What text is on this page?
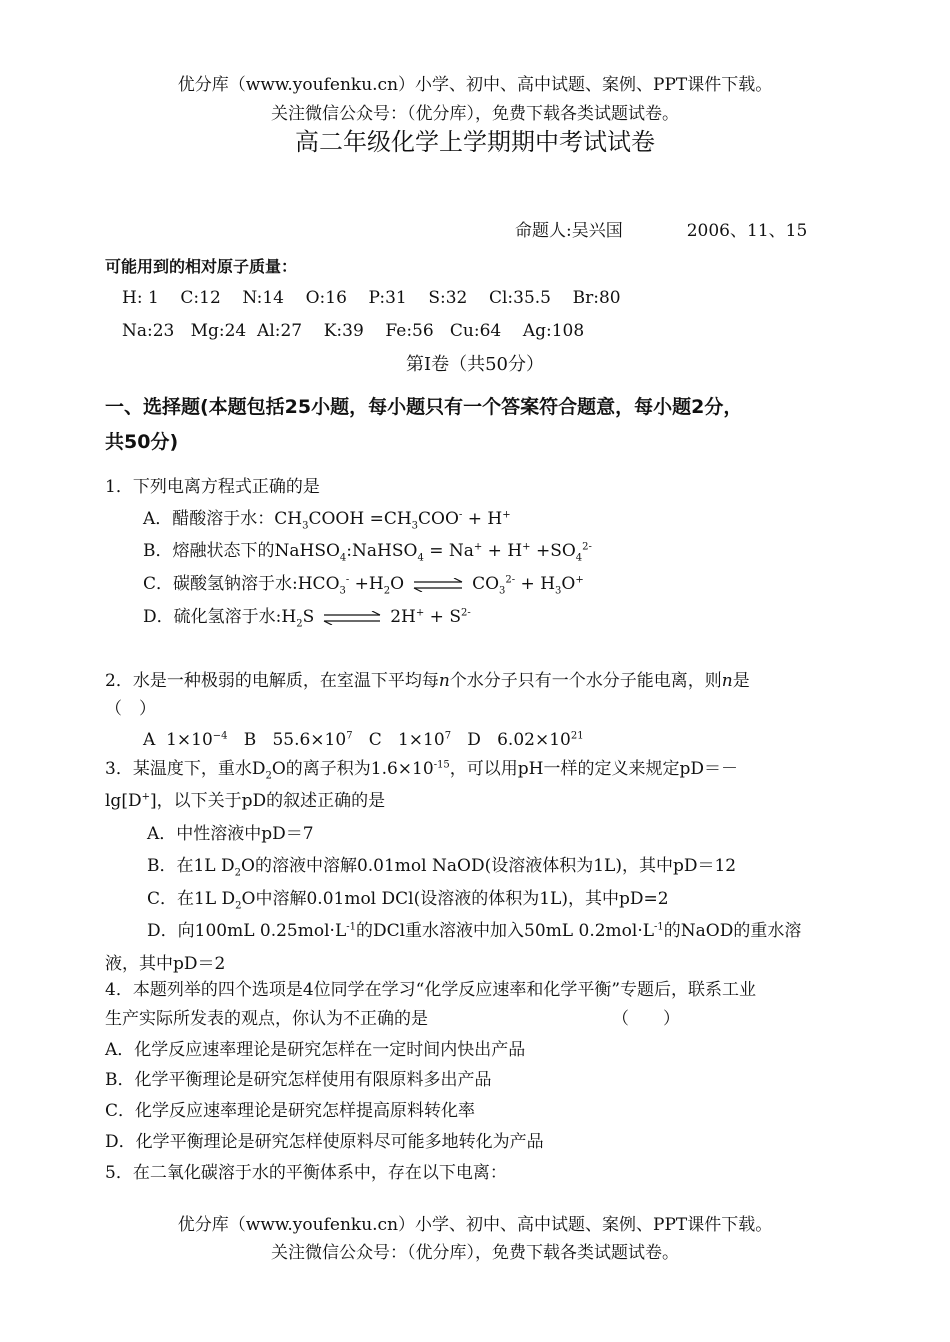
优分库（www.youfenku.cn）小学、初中、高中试题、案例、PPT课件下载。
关注微信公众号：（优分库），免费下载各类试题试卷。
高二年级化学上学期期中考试试卷
命题人:吴兴国	2006、11、15
可能用到的相对原子质量：
H: 1    C:12    N:14    O:16    P:31    S:32    Cl:35.5    Br:80
Na:23   Mg:24  Al:27    K:39    Fe:56   Cu:64    Ag:108
第Ⅰ卷（共50分）
一、选择题(本题包括25小题，每小题只有一个答案符合题意，每小题2分，
共50分)
1．下列电离方程式正确的是
A．醋酸溶于水：$CH_3COOH =CH_3COO^- + H^+$
B．熔融状态下的NaHSO$_4$:NaHSO$_4$ = $Na^+ + H^+ +SO_4^{2-}$
C．碳酸氢钠溶于水$:HCO_3^- +H_2O$ ⇌ $CO_3^{2-} + H_3O^+$
D．硫化氢溶于水$:H_2S$ ⇌ $2H^+ + S^{2-}$
2．水是一种极弱的电解质，在室温下平均每n个水分子只有一个水分子能电离，则n是
（　）
A  $1\times 10^{-4}$   B   $55.6\times 10^7$   C   $1\times 10^7$   D   $6.02\times 10^{21}$
3．某温度下，重水$D_2O$的离子积为$1.6\times 10^{-15}$，可以用pH一样的定义来规定pD＝－
lg[D+]，以下关于pD的叙述正确的是
A．中性溶液中pD＝7
B．在1L $D_2O$的溶液中溶解0.01mol NaOD(设溶液体积为1L)，其中pD＝12
C．在1L $D_2O$中溶解0.01mol DCl(设溶液的体积为1L)，其中pD=2
D．向100mL $0.25mol\cdot L^{-1}$的DCl重水溶液中加入50mL $0.2mol\cdot L^{-1}$的NaOD的重水溶
液，其中pD＝2
4．本题列举的四个选项是4位同学在学习“化学反应速率和化学平衡”专题后，联系工业
生产实际所发表的观点，你认为不正确的是	（　　）
A．化学反应速率理论是研究怎样在一定时间内快出产品
B．化学平衡理论是研究怎样使用有限原料多出产品
C．化学反应速率理论是研究怎样提高原料转化率
D．化学平衡理论是研究怎样使原料尽可能多地转化为产品
5．在二氧化碳溶于水的平衡体系中，存在以下电离：
优分库（www.youfenku.cn）小学、初中、高中试题、案例、PPT课件下载。
关注微信公众号：（优分库），免费下载各类试题试卷。
